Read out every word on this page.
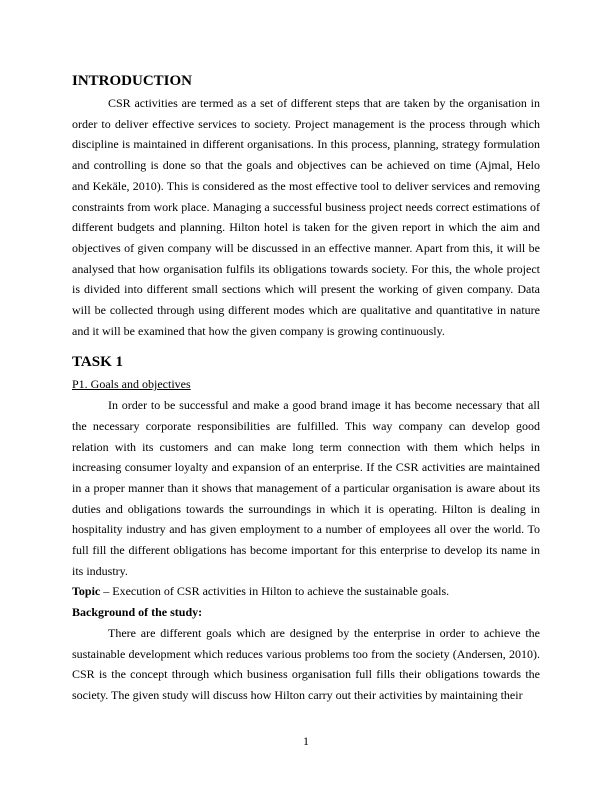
INTRODUCTION

CSR activities are termed as a set of different steps that are taken by the organisation in order to deliver effective services to society. Project management is the process through which discipline is maintained in different organisations. In this process, planning, strategy formulation and controlling is done so that the goals and objectives can be achieved on time (Ajmal, Helo and Kekäle, 2010). This is considered as the most effective tool to deliver services and removing constraints from work place. Managing a successful business project needs correct estimations of different budgets and planning. Hilton hotel is taken for the given report in which the aim and objectives of given company will be discussed in an effective manner. Apart from this, it will be analysed that how organisation fulfils its obligations towards society. For this, the whole project is divided into different small sections which will present the working of given company. Data will be collected through using different modes which are qualitative and quantitative in nature and it will be examined that how the given company is growing continuously.

TASK 1

P1. Goals and objectives

In order to be successful and make a good brand image it has become necessary that all the necessary corporate responsibilities are fulfilled. This way company can develop good relation with its customers and can make long term connection with them which helps in increasing consumer loyalty and expansion of an enterprise. If the CSR activities are maintained in a proper manner than it shows that management of a particular organisation is aware about its duties and obligations towards the surroundings in which it is operating. Hilton is dealing in hospitality industry and has given employment to a number of employees all over the world. To full fill the different obligations has become important for this enterprise to develop its name in its industry.

Topic – Execution of CSR activities in Hilton to achieve the sustainable goals.

Background of the study:

There are different goals which are designed by the enterprise in order to achieve the sustainable development which reduces various problems too from the society (Andersen, 2010). CSR is the concept through which business organisation full fills their obligations towards the society. The given study will discuss how Hilton carry out their activities by maintaining their

1
